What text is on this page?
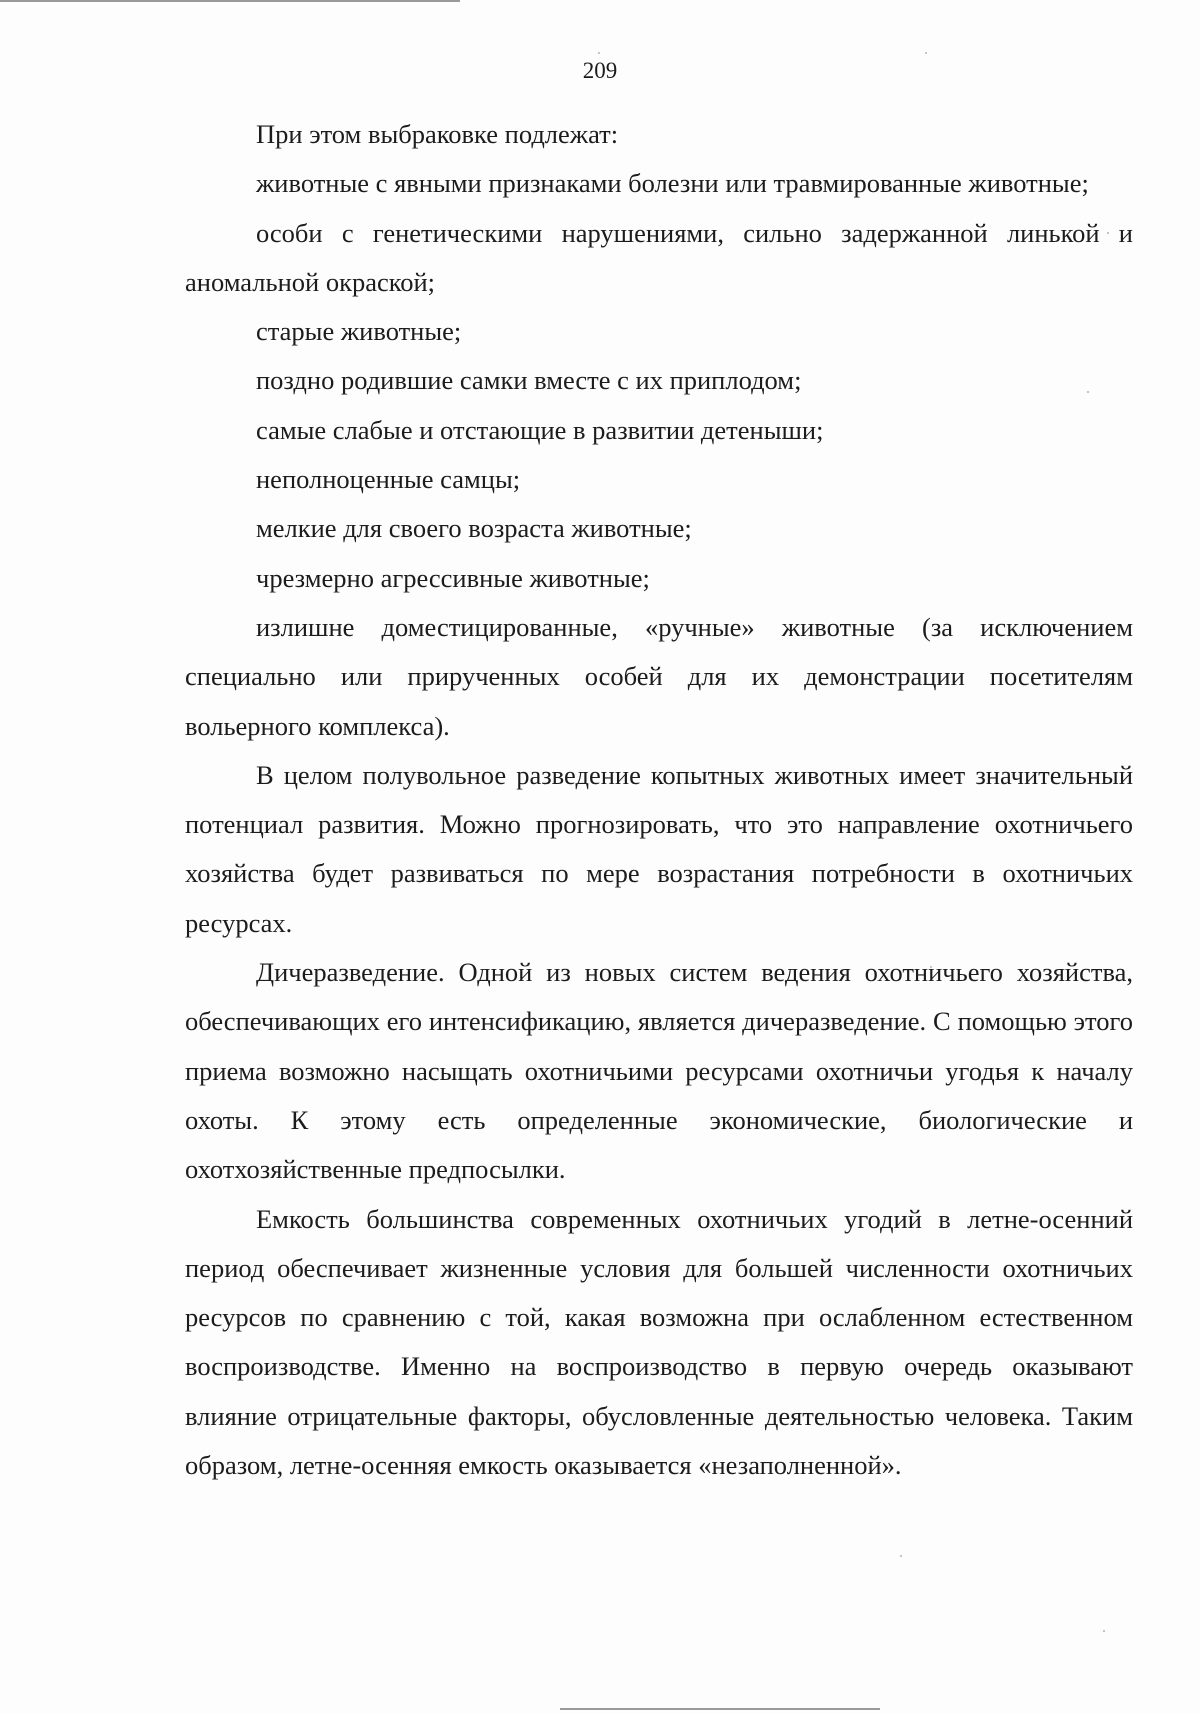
209

При этом выбраковке подлежат:

животные с явными признаками болезни или травмированные животные;

особи с генетическими нарушениями, сильно задержанной линькой и аномальной окраской;

старые животные;

поздно родившие самки вместе с их приплодом;

самые слабые и отстающие в развитии детеныши;

неполноценные самцы;

мелкие для своего возраста животные;

чрезмерно агрессивные животные;

излишне доместицированные, «ручные» животные (за исключением специально или прирученных особей для их демонстрации посетителям вольерного комплекса).

В целом полувольное разведение копытных животных имеет значительный потенциал развития. Можно прогнозировать, что это направление охотничьего хозяйства будет развиваться по мере возрастания потребности в охотничьих ресурсах.

Дичеразведение. Одной из новых систем ведения охотничьего хозяйства, обеспечивающих его интенсификацию, является дичеразведение. С помощью этого приема возможно насыщать охотничьими ресурсами охотничьи угодья к началу охоты. К этому есть определенные экономические, биологические и охотхозяйственные предпосылки.

Емкость большинства современных охотничьих угодий в летне-осенний период обеспечивает жизненные условия для большей численности охотничьих ресурсов по сравнению с той, какая возможна при ослабленном естественном воспроизводстве. Именно на воспроизводство в первую очередь оказывают влияние отрицательные факторы, обусловленные деятельностью человека. Таким образом, летне-осенняя емкость оказывается «незаполненной».
